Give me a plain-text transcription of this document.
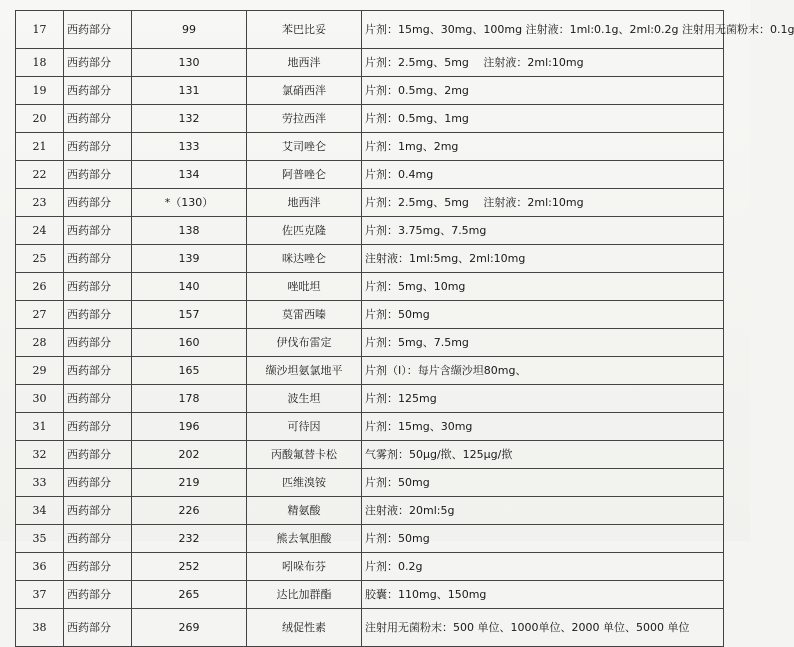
17	西药部分	99	苯巴比妥	片剂：15mg、30mg、100mg 注射液：1ml:0.1g、2ml:0.2g 注射用无菌粉末：0.1g
18	西药部分	130	地西泮	片剂：2.5mg、5mg　 注射液：2ml:10mg
19	西药部分	131	氯硝西泮	片剂：0.5mg、2mg
20	西药部分	132	劳拉西泮	片剂：0.5mg、1mg
21	西药部分	133	艾司唑仑	片剂：1mg、2mg
22	西药部分	134	阿普唑仑	片剂：0.4mg
23	西药部分	*（130）	地西泮	片剂：2.5mg、5mg　 注射液：2ml:10mg
24	西药部分	138	佐匹克隆	片剂：3.75mg、7.5mg
25	西药部分	139	咪达唑仑	注射液：1ml:5mg、2ml:10mg
26	西药部分	140	唑吡坦	片剂：5mg、10mg
27	西药部分	157	莫雷西嗪	片剂：50mg
28	西药部分	160	伊伐布雷定	片剂：5mg、7.5mg
29	西药部分	165	缬沙坦氨氯地平	片剂（Ⅰ）：每片含缬沙坦80mg、
30	西药部分	178	波生坦	片剂：125mg
31	西药部分	196	可待因	片剂：15mg、30mg
32	西药部分	202	丙酸氟替卡松	气雾剂：50μg/揿、125μg/揿
33	西药部分	219	匹维溴铵	片剂：50mg
34	西药部分	226	精氨酸	注射液：20ml:5g
35	西药部分	232	熊去氧胆酸	片剂：50mg
36	西药部分	252	吲哚布芬	片剂：0.2g
37	西药部分	265	达比加群酯	胶囊：110mg、150mg
38	西药部分	269	绒促性素	注射用无菌粉末：500 单位、1000单位、2000 单位、5000 单位
